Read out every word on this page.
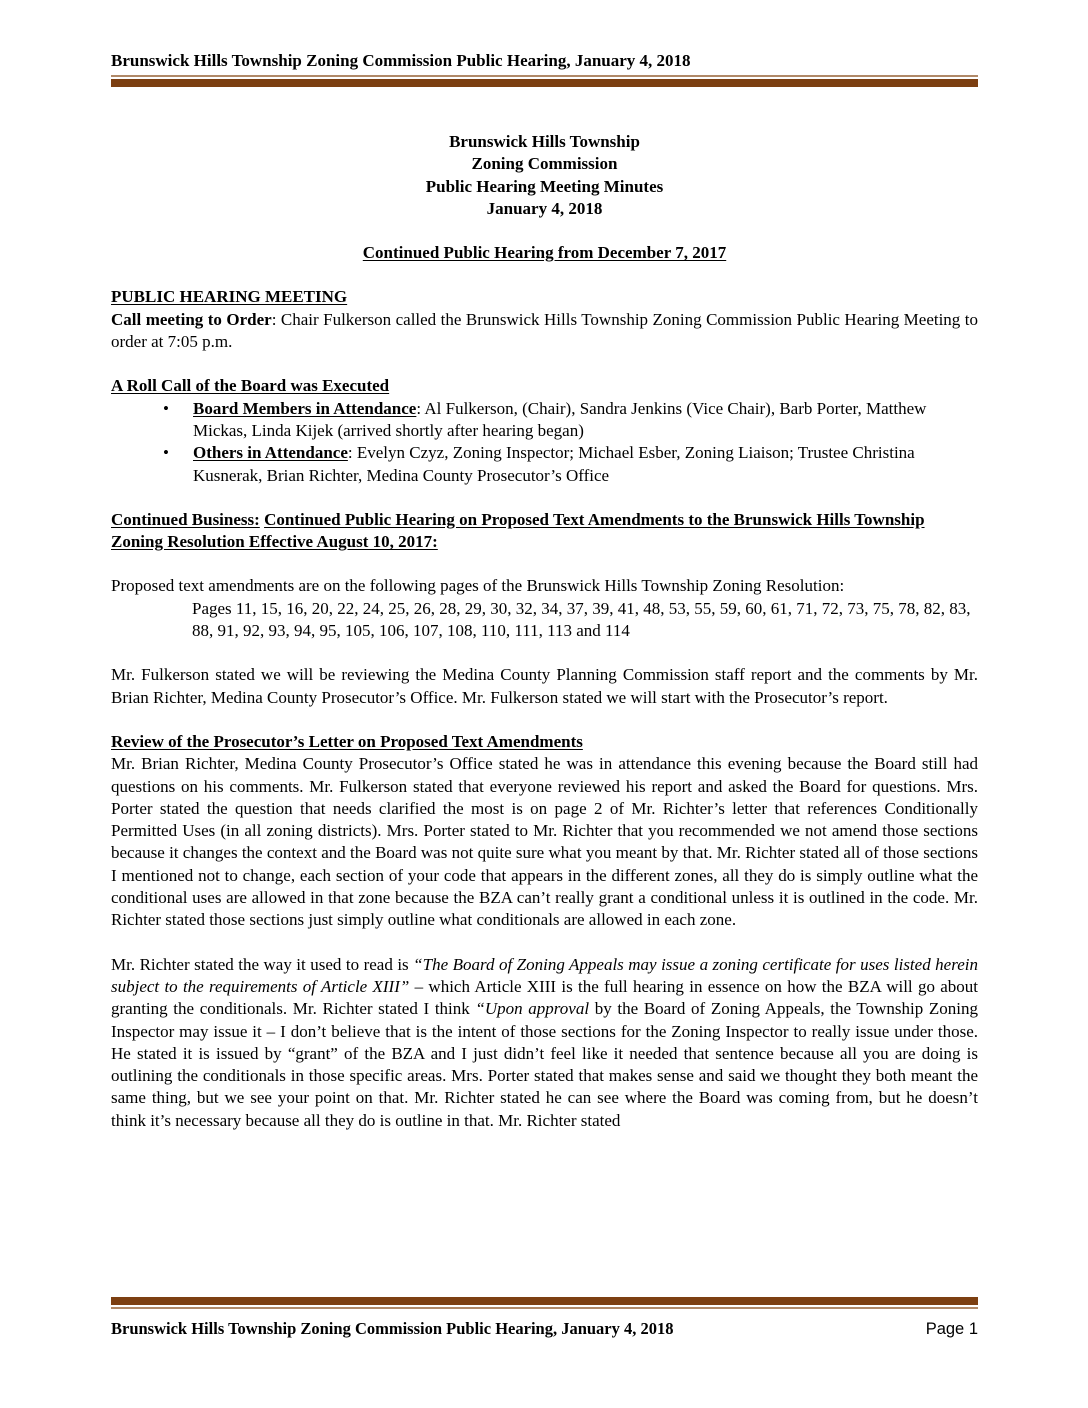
Brunswick Hills Township Zoning Commission Public Hearing, January 4, 2018
Brunswick Hills Township
Zoning Commission
Public Hearing Meeting Minutes
January 4, 2018
Continued Public Hearing from December 7, 2017
PUBLIC HEARING MEETING
Call meeting to Order: Chair Fulkerson called the Brunswick Hills Township Zoning Commission Public Hearing Meeting to order at 7:05 p.m.
A Roll Call of the Board was Executed
• Board Members in Attendance: Al Fulkerson, (Chair), Sandra Jenkins (Vice Chair), Barb Porter, Matthew Mickas, Linda Kijek (arrived shortly after hearing began)
• Others in Attendance: Evelyn Czyz, Zoning Inspector; Michael Esber, Zoning Liaison; Trustee Christina Kusnerak, Brian Richter, Medina County Prosecutor’s Office
Continued Business: Continued Public Hearing on Proposed Text Amendments to the Brunswick Hills Township Zoning Resolution Effective August 10, 2017:
Proposed text amendments are on the following pages of the Brunswick Hills Township Zoning Resolution:
Pages 11, 15, 16, 20, 22, 24, 25, 26, 28, 29, 30, 32, 34, 37, 39, 41, 48, 53, 55, 59, 60, 61, 71, 72, 73, 75, 78, 82, 83, 88, 91, 92, 93, 94, 95, 105, 106, 107, 108, 110, 111, 113 and 114
Mr. Fulkerson stated we will be reviewing the Medina County Planning Commission staff report and the comments by Mr. Brian Richter, Medina County Prosecutor’s Office. Mr. Fulkerson stated we will start with the Prosecutor’s report.
Review of the Prosecutor’s Letter on Proposed Text Amendments
Mr. Brian Richter, Medina County Prosecutor’s Office stated he was in attendance this evening because the Board still had questions on his comments. Mr. Fulkerson stated that everyone reviewed his report and asked the Board for questions. Mrs. Porter stated the question that needs clarified the most is on page 2 of Mr. Richter’s letter that references Conditionally Permitted Uses (in all zoning districts). Mrs. Porter stated to Mr. Richter that you recommended we not amend those sections because it changes the context and the Board was not quite sure what you meant by that. Mr. Richter stated all of those sections I mentioned not to change, each section of your code that appears in the different zones, all they do is simply outline what the conditional uses are allowed in that zone because the BZA can’t really grant a conditional unless it is outlined in the code. Mr. Richter stated those sections just simply outline what conditionals are allowed in each zone.
Mr. Richter stated the way it used to read is “The Board of Zoning Appeals may issue a zoning certificate for uses listed herein subject to the requirements of Article XIII” – which Article XIII is the full hearing in essence on how the BZA will go about granting the conditionals. Mr. Richter stated I think “Upon approval by the Board of Zoning Appeals, the Township Zoning Inspector may issue it – I don’t believe that is the intent of those sections for the Zoning Inspector to really issue under those. He stated it is issued by “grant” of the BZA and I just didn’t feel like it needed that sentence because all you are doing is outlining the conditionals in those specific areas. Mrs. Porter stated that makes sense and said we thought they both meant the same thing, but we see your point on that. Mr. Richter stated he can see where the Board was coming from, but he doesn’t think it’s necessary because all they do is outline in that. Mr. Richter stated
Brunswick Hills Township Zoning Commission Public Hearing, January 4, 2018	Page 1
